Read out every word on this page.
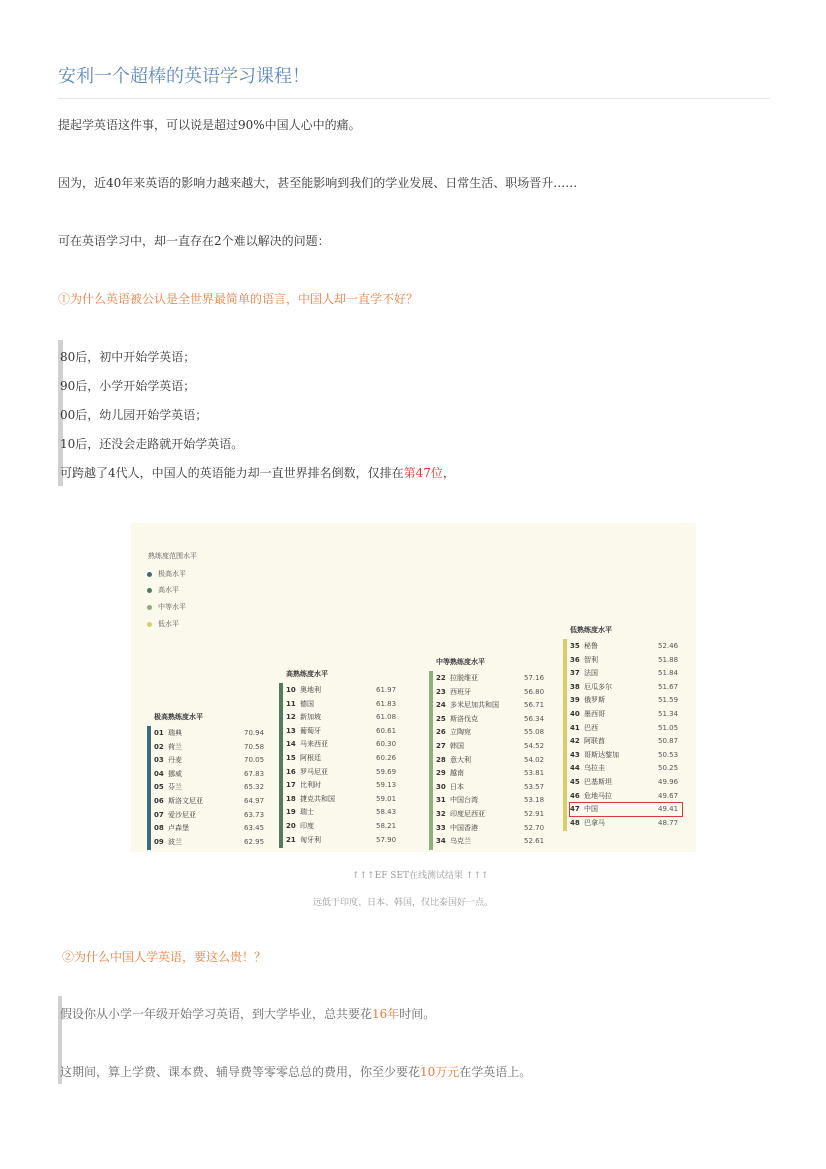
安利一个超棒的英语学习课程！
提起学英语这件事，可以说是超过90%中国人心中的痛。
因为，近40年来英语的影响力越来越大，甚至能影响到我们的学业发展、日常生活、职场晋升……
可在英语学习中，却一直存在2个难以解决的问题：
①为什么英语被公认是全世界最简单的语言，中国人却一直学不好？
80后，初中开始学英语；
90后，小学开始学英语；
00后，幼儿园开始学英语；
10后，还没会走路就开始学英语。
可跨越了4代人，中国人的英语能力却一直世界排名倒数，仅排在第47位，
熟练度范围水平
极高水平
高水平
中等水平
低水平
极高熟练度水平
01 瑞典	70.94
02 荷兰	70.58
03 丹麦	70.05
04 挪威	67.83
05 芬兰	65.32
06 斯洛文尼亚	64.97
07 爱沙尼亚	63.73
08 卢森堡	63.45
09 波兰	62.95
高熟练度水平
10 奥地利	61.97
11 德国	61.83
12 新加坡	61.08
13 葡萄牙	60.61
14 马来西亚	60.30
15 阿根廷	60.26
16 罗马尼亚	59.69
17 比利时	59.13
18 捷克共和国	59.01
19 瑞士	58.43
20 印度	58.21
21 匈牙利	57.90
中等熟练度水平
22 拉脱维亚	57.16
23 西班牙	56.80
24 多米尼加共和国	56.71
25 斯洛伐克	56.34
26 立陶宛	55.08
27 韩国	54.52
28 意大利	54.02
29 越南	53.81
30 日本	53.57
31 中国台湾	53.18
32 印度尼西亚	52.91
33 中国香港	52.70
34 乌克兰	52.61
低熟练度水平
35 秘鲁	52.46
36 智利	51.88
37 法国	51.84
38 厄瓜多尔	51.67
39 俄罗斯	51.59
40 墨西哥	51.34
41 巴西	51.05
42 阿联酋	50.87
43 哥斯达黎加	50.53
44 乌拉圭	50.25
45 巴基斯坦	49.96
46 危地马拉	49.67
47 中国	49.41
48 巴拿马	48.77
↑↑↑EF SET在线测试结果 ↑↑↑
远低于印度、日本、韩国，仅比泰国好一点。
②为什么中国人学英语，要这么贵！？
假设你从小学一年级开始学习英语，到大学毕业，总共要花16年时间。
这期间，算上学费、课本费、辅导费等零零总总的费用，你至少要花10万元在学英语上。
